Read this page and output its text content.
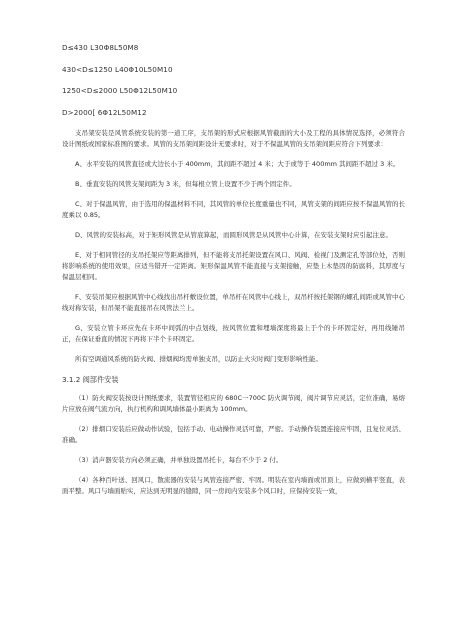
D≤430 L30Φ8L50M8
430<D≤1250 L40Φ10L50M10
1250<D≤2000 L50Φ12L50M10
D>2000[ 6Φ12L50M12

支吊架安装是风管系统安装的第一道工序，支吊架的形式应根据风管截面的大小及工程的具体情况选择，必须符合设计图纸或国家标准图的要求。风管的支吊架间距设计无要求时，对于不保温风管的支吊架间距应符合下列要求：

A、水平安装的风管直径或大边长小于 400mm，其间距不超过 4 米；大于或等于 400mm 其间距不超过 3 米。

B、垂直安装的风管支架间距为 3 米，但每根立管上设置不少于两个固定件。

C、对于保温风管，由于选用的保温材料不同，其风管的单位长度重量也不同，风管支架的间距应按不保温风管的长度乘以 0.85。

D、风管的安装标高，对于矩形风管是从管底算起，而圆形风管是从风管中心计算，在安装支架时应引起注意。

E、对于相同管径的支吊托架应等距离排列，但不能将支吊托架设置在风口、风阀、检视门及测定孔等部位处，否则将影响系统的使用效果，应适当错开一定距离。矩形保温风管不能直接与支架接触，应垫上木垫因的防腐料，其厚度与保温层相同。

F、安装吊架应根据风管中心线找出吊杆敷设位置，单吊杆在风管中心线上，双吊杆按托架钢的螺孔间距或风管中心线对称安装，但吊架不能直接吊在风管法兰上。

G、安装立管卡环应先在卡环中间弧的中点划线，按风管位置和埋墙深度将最上于个的卡环固定好，再用线锤吊正，在保证垂直的情况下再将下半个卡环固定。

所有空调通风系统的防火阀、排烟阀均需单独支吊，以防止火灾时阀门变形影响性能。

3.1.2 阀部件安装

（1）防火阀安装按设计图纸要求，装置管径相应的 680C一700C 防火调节阀，阀片调节应灵活，定位准确，易熔片应放在阀气流方向，执行机构和调风墙体最小距离为 100mm。

（2）排烟口安装后应做动作试验，包括手动、电动操作灵活可靠，严密。手动操作装置连接应牢固，且复位灵活、准确。

（3）消声器安装方向必须正确，并单独设置吊托卡，每台不少于 2 付。

（4）各种百叶送、回风口，散流器的安装与风管连接严密、牢固。明装在室内墙面或吊顶上，应做到横平竖直，表面平整。风口与墙面贴实，应达到无明显的缝隙，同一房间内安装多个风口时，应保持安装一致，
